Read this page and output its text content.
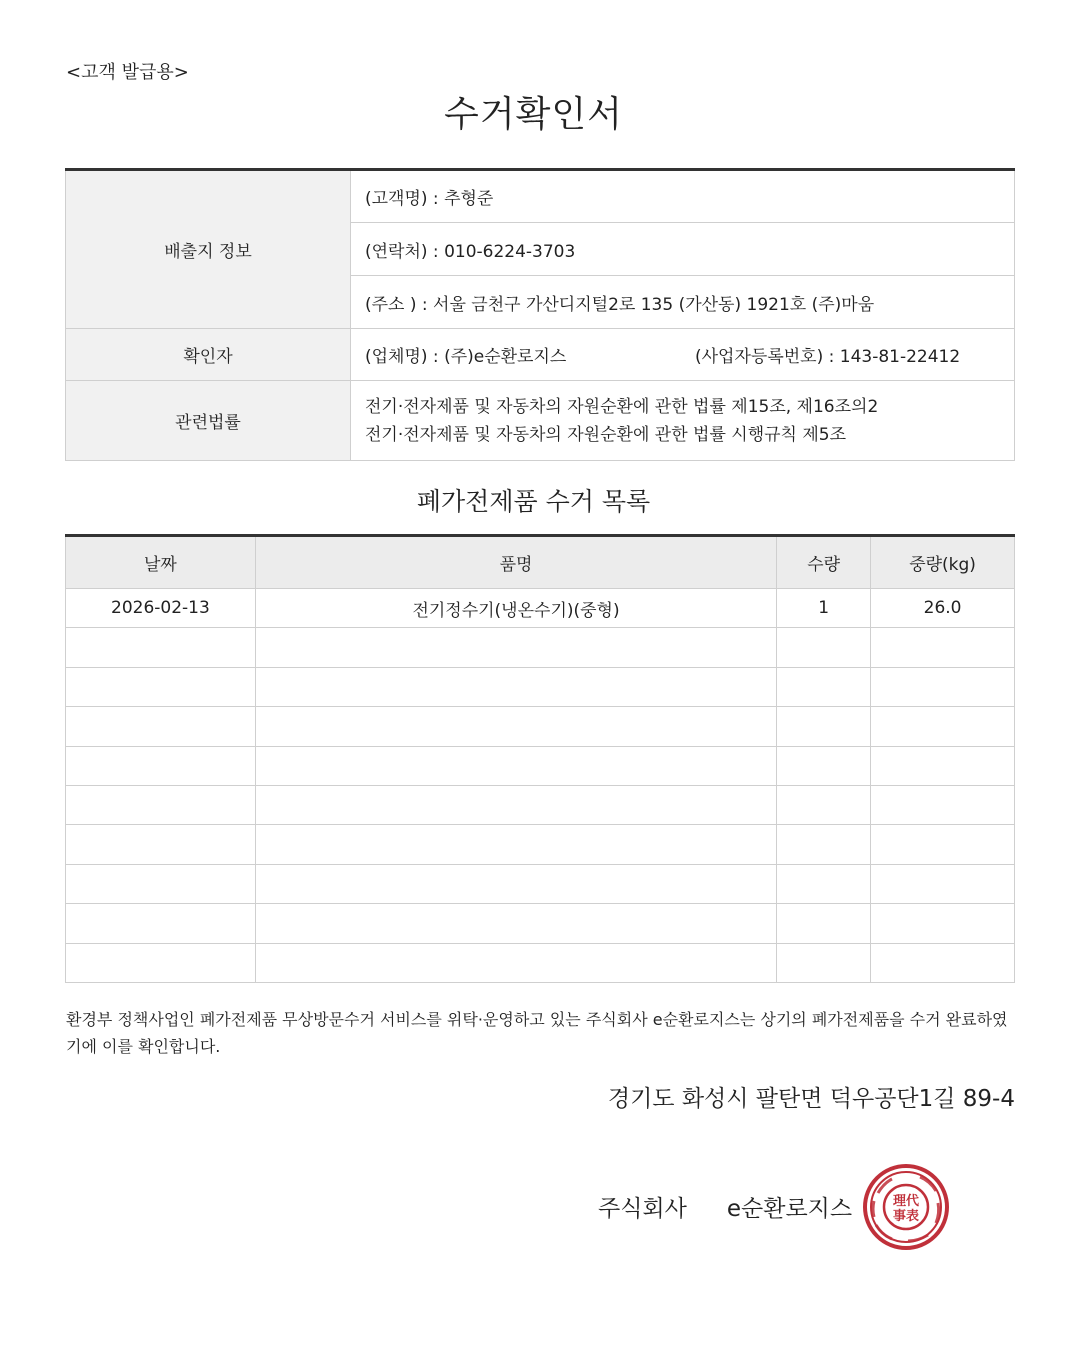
<고객 발급용>
수거확인서
배출지 정보	(고객명) : 추형준
	(연락처) : 010-6224-3703
	(주소 ) : 서울 금천구 가산디지털2로 135 (가산동) 1921호 (주)마움
확인자	(업체명) : (주)e순환로지스 (사업자등록번호) : 143-81-22412

관련법률	전기·전자제품 및 자동차의 자원순환에 관한 법률 제15조, 제16조의2
전기·전자제품 및 자동차의 자원순환에 관한 법률 시행규칙 제5조
폐가전제품 수거 목록
날짜	품명	수량	중량(kg)
2026-02-13	전기정수기(냉온수기)(중형)	1	26.0

환경부 정책사업인 폐가전제품 무상방문수거 서비스를 위탁·운영하고 있는 주식회사 e순환로지스는 상기의 폐가전제품을 수거 완료하였기에 이를 확인합니다.
경기도 화성시 팔탄면 덕우공단1길 89-4
주식회사 e순환로지스	理代
事表
